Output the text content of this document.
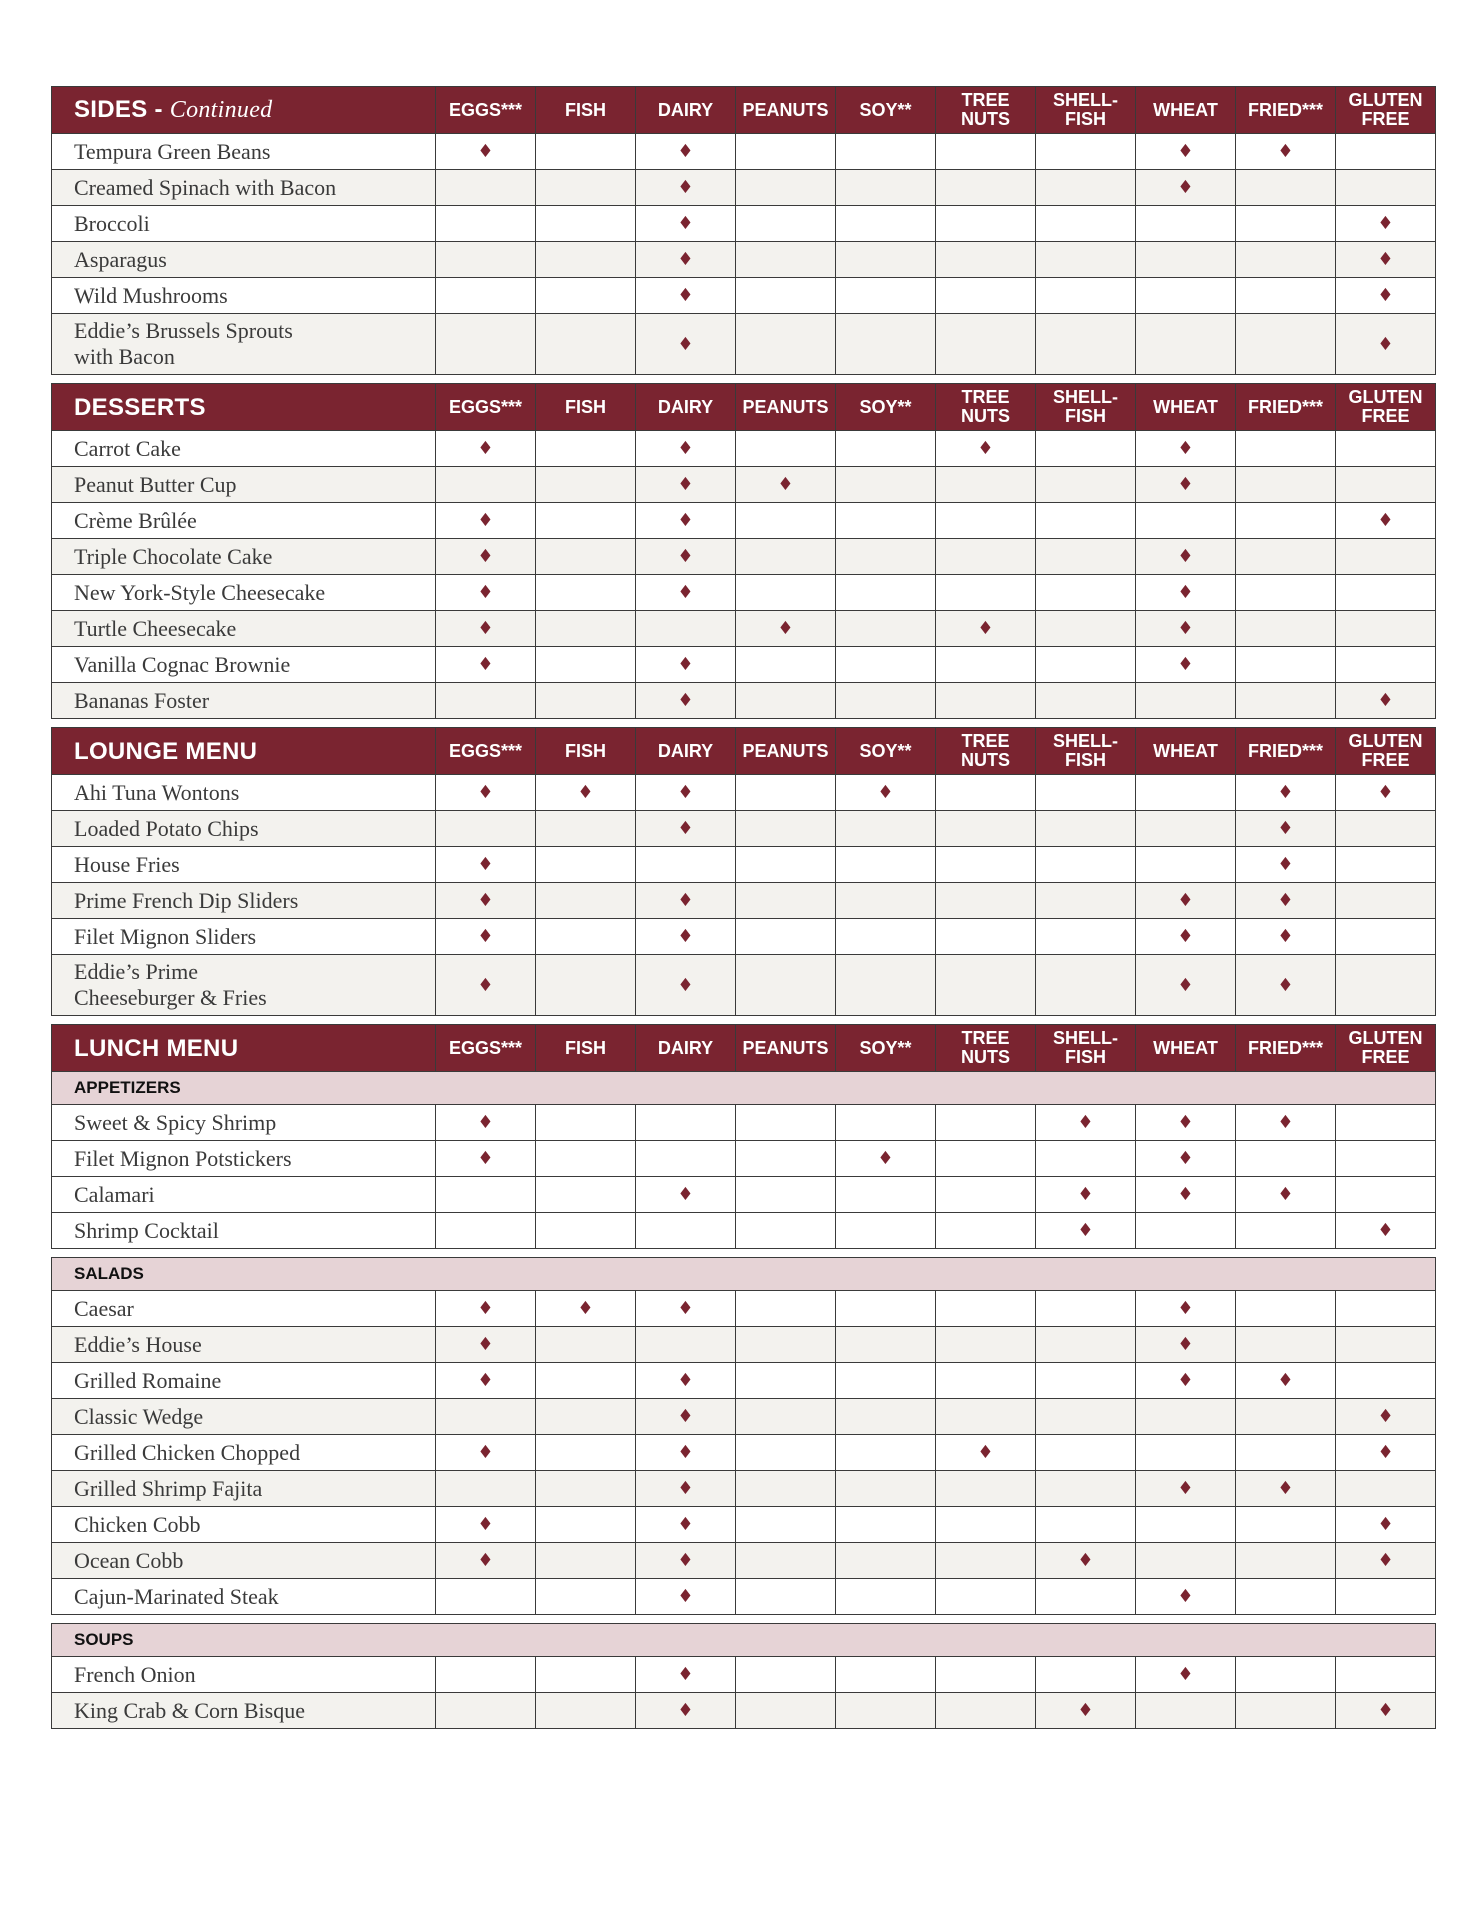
SIDES - Continued	EGGS***	FISH	DAIRY	PEANUTS	SOY**	TREE
NUTS	SHELL-
FISH	WHEAT	FRIED***	GLUTEN
FREE

Tempura Green Beans	♦		♦					♦	♦	

Creamed Spinach with Bacon			♦					♦		

Broccoli			♦							♦

Asparagus			♦							♦

Wild Mushrooms			♦							♦

Eddie’s Brussels Sprouts
with Bacon			♦							♦
DESSERTS	EGGS***	FISH	DAIRY	PEANUTS	SOY**	TREE
NUTS	SHELL-
FISH	WHEAT	FRIED***	GLUTEN
FREE

Carrot Cake	♦		♦			♦		♦		

Peanut Butter Cup			♦	♦				♦		

Crème Brûlée	♦		♦							♦

Triple Chocolate Cake	♦		♦					♦		

New York-Style Cheesecake	♦		♦					♦		

Turtle Cheesecake	♦			♦		♦		♦		

Vanilla Cognac Brownie	♦		♦					♦		

Bananas Foster			♦							♦
LOUNGE MENU	EGGS***	FISH	DAIRY	PEANUTS	SOY**	TREE
NUTS	SHELL-
FISH	WHEAT	FRIED***	GLUTEN
FREE

Ahi Tuna Wontons	♦	♦	♦		♦				♦	♦

Loaded Potato Chips			♦						♦	

House Fries	♦								♦	

Prime French Dip Sliders	♦		♦					♦	♦	

Filet Mignon Sliders	♦		♦					♦	♦	

Eddie’s Prime
Cheeseburger & Fries	♦		♦					♦	♦	
LUNCH MENU	EGGS***	FISH	DAIRY	PEANUTS	SOY**	TREE
NUTS	SHELL-
FISH	WHEAT	FRIED***	GLUTEN
FREE

APPETIZERS										

Sweet & Spicy Shrimp	♦						♦	♦	♦	

Filet Mignon Potstickers	♦				♦			♦		

Calamari			♦				♦	♦	♦	

Shrimp Cocktail							♦			♦
SALADS										

Caesar	♦	♦	♦					♦		

Eddie’s House	♦							♦		

Grilled Romaine	♦		♦					♦	♦	

Classic Wedge			♦							♦

Grilled Chicken Chopped	♦		♦			♦				♦

Grilled Shrimp Fajita			♦					♦	♦	

Chicken Cobb	♦		♦							♦

Ocean Cobb	♦		♦				♦			♦

Cajun-Marinated Steak			♦					♦		
SOUPS										

French Onion			♦					♦		

King Crab & Corn Bisque			♦				♦			♦
